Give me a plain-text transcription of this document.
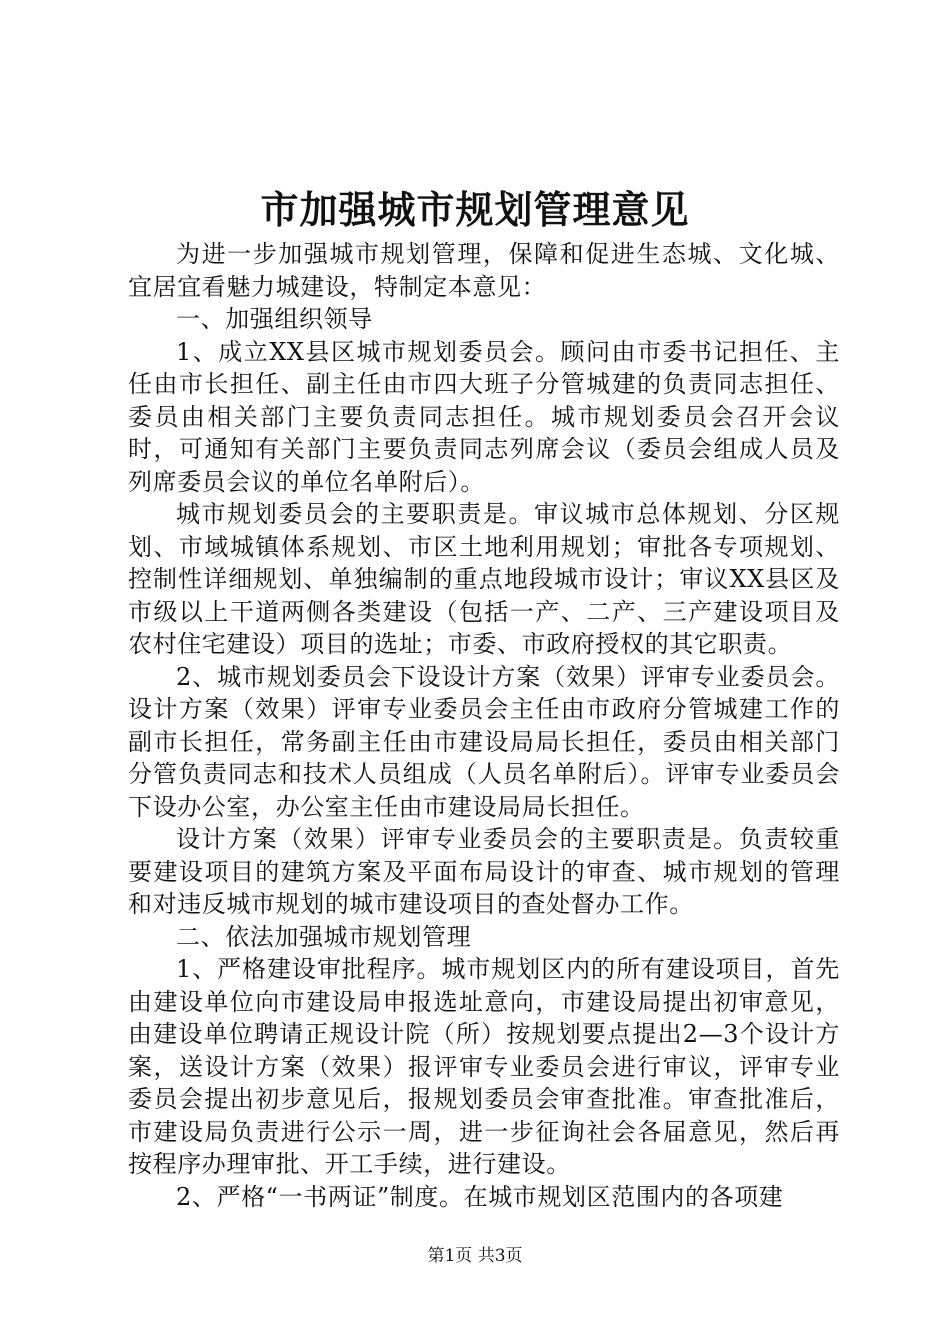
市加强城市规划管理意见

为进一步加强城市规划管理，保障和促进生态城、文化城、宜居宜看魅力城建设，特制定本意见：

一、加强组织领导

1、成立XX县区城市规划委员会。顾问由市委书记担任、主任由市长担任、副主任由市四大班子分管城建的负责同志担任、委员由相关部门主要负责同志担任。城市规划委员会召开会议时，可通知有关部门主要负责同志列席会议（委员会组成人员及列席委员会议的单位名单附后）。

城市规划委员会的主要职责是。审议城市总体规划、分区规划、市域城镇体系规划、市区土地利用规划；审批各专项规划、控制性详细规划、单独编制的重点地段城市设计；审议XX县区及市级以上干道两侧各类建设（包括一产、二产、三产建设项目及农村住宅建设）项目的选址；市委、市政府授权的其它职责。

2、城市规划委员会下设设计方案（效果）评审专业委员会。设计方案（效果）评审专业委员会主任由市政府分管城建工作的副市长担任，常务副主任由市建设局局长担任，委员由相关部门分管负责同志和技术人员组成（人员名单附后）。评审专业委员会下设办公室，办公室主任由市建设局局长担任。

设计方案（效果）评审专业委员会的主要职责是。负责较重要建设项目的建筑方案及平面布局设计的审查、城市规划的管理和对违反城市规划的城市建设项目的查处督办工作。

二、依法加强城市规划管理

1、严格建设审批程序。城市规划区内的所有建设项目，首先由建设单位向市建设局申报选址意向，市建设局提出初审意见，由建设单位聘请正规设计院（所）按规划要点提出2—3个设计方案，送设计方案（效果）报评审专业委员会进行审议，评审专业委员会提出初步意见后，报规划委员会审查批准。审查批准后，市建设局负责进行公示一周，进一步征询社会各届意见，然后再按程序办理审批、开工手续，进行建设。

2、严格“一书两证”制度。在城市规划区范围内的各项建

第1页 共3页
